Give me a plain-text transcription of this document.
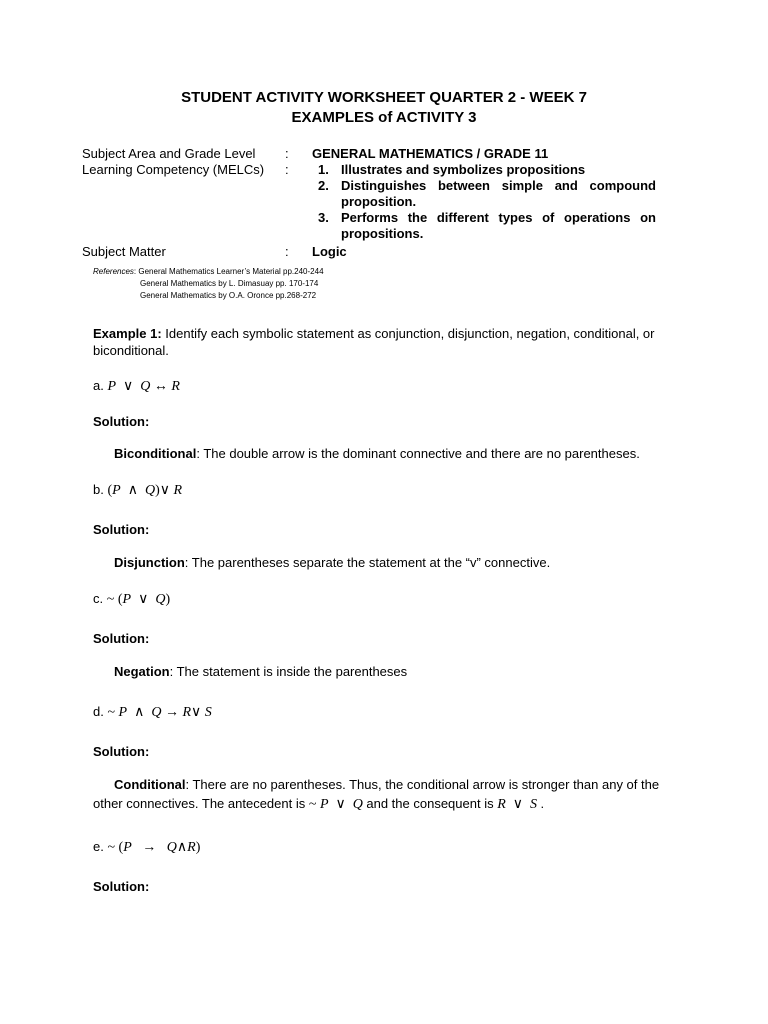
STUDENT ACTIVITY WORKSHEET QUARTER 2 - WEEK 7
EXAMPLES of ACTIVITY 3
Subject Area and Grade Level : GENERAL MATHEMATICS / GRADE 11
Learning Competency (MELCs) : 1. Illustrates and symbolizes propositions
2. Distinguishes between simple and compound
proposition.
3. Performs the different types of operations on
propositions.
Subject Matter	: Logic
References: General Mathematics Learner’s Material pp.240-244
General Mathematics by L. Dimasuay pp. 170-174
General Mathematics by O.A. Oronce pp.268-272
Example 1: Identify each symbolic statement as conjunction, disjunction, negation, conditional, or
biconditional.
a. P ∨ Q ↔ R
Solution:
Biconditional: The double arrow is the dominant connective and there are no parentheses.
b. (P ∧ Q)∨ R
Solution:
Disjunction: The parentheses separate the statement at the “v” connective.
c. ~ (P ∨ Q)
Solution:
Negation: The statement is inside the parentheses
d. ~ P ∧ Q → R∨ S
Solution:
Conditional: There are no parentheses. Thus, the conditional arrow is stronger than any of the
other connectives. The antecedent is ~ P ∨ Q and the consequent is R ∨ S .
e. ~ (P → Q∧R)
Solution:
